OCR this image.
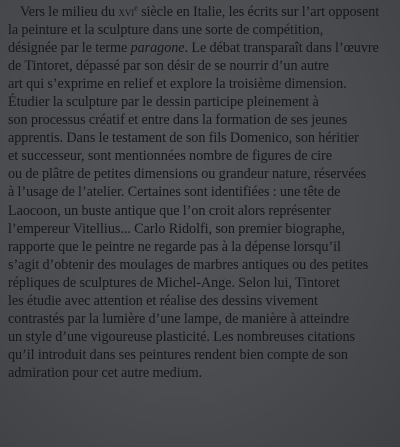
Vers le milieu du xvi$^e$ siècle en Italie, les écrits sur l’art opposent
la peinture et la sculpture dans une sorte de compétition,
désignée par le terme paragone. Le débat transparaît dans l’œuvre
de Tintoret, dépassé par son désir de se nourrir d’un autre
art qui s’exprime en relief et explore la troisième dimension.
Étudier la sculpture par le dessin participe pleinement à
son processus créatif et entre dans la formation de ses jeunes
apprentis. Dans le testament de son fils Domenico, son héritier
et successeur, sont mentionnées nombre de figures de cire
ou de plâtre de petites dimensions ou grandeur nature, réservées
à l’usage de l’atelier. Certaines sont identifiées : une tête de
Laocoon, un buste antique que l’on croit alors représenter
l’empereur Vitellius... Carlo Ridolfi, son premier biographe,
rapporte que le peintre ne regarde pas à la dépense lorsqu’il
s’agit d’obtenir des moulages de marbres antiques ou des petites
répliques de sculptures de Michel-Ange. Selon lui, Tintoret
les étudie avec attention et réalise des dessins vivement
contrastés par la lumière d’une lampe, de manière à atteindre
un style d’une vigoureuse plasticité. Les nombreuses citations
qu’il introduit dans ses peintures rendent bien compte de son
admiration pour cet autre medium.
